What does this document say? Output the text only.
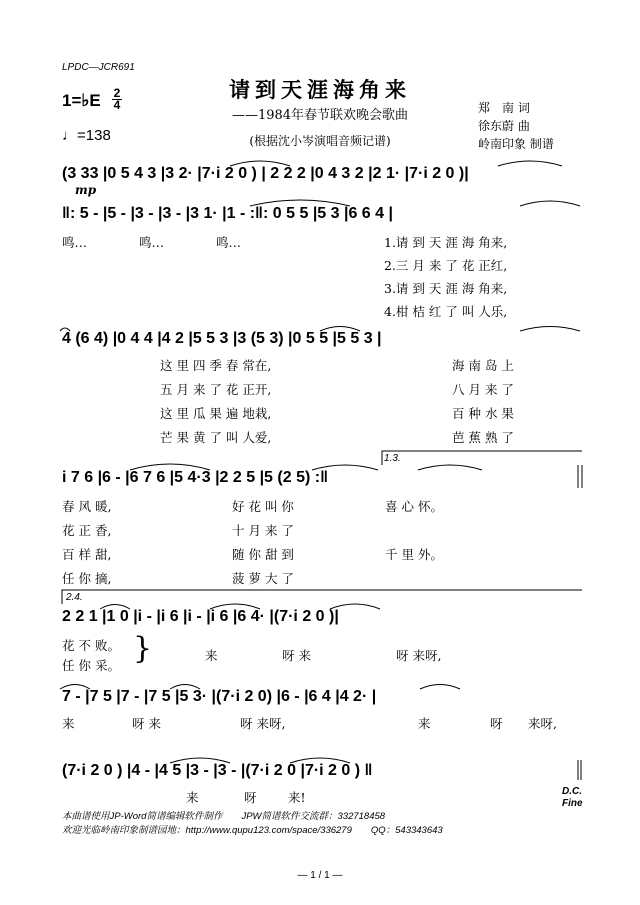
LPDC—JCR691
请到天涯海角来
——1984年春节联欢晚会歌曲
(根据沈小岑演唱音频记谱)
1=♭E 2
4
♩=138
郑　南 词
徐东蔚 曲
岭南印象 制谱
mp
(3 33 |0 5 4 3 |3 2· |7·i 2 0 ) | 2 2 2 |0 4 3 2 |2 1· |7·i 2 0 )|
‖: 5 - |5 - |3 - |3 - |3 1· |1 - :‖: 0 5 5 |5 3 |6 6 4 |
鸣…	鸣…	鸣…	1.请 到 天 涯 海 角来,
2.三 月 来 了 花 正红,
3.请 到 天 涯 海 角来,
4.柑 桔 红 了 叫 人乐,
4 (6 4) |0 4 4 |4 2 |5 5 3 |3 (5 3) |0 5 5 |5 5 3 |
这 里 四 季 春 常在,	海 南 岛 上
五 月 来 了 花 正开,	八 月 来 了
这 里 瓜 果 遍 地栽,	百 种 水 果
芒 果 黄 了 叫 人爱,	芭 蕉 熟 了
1.3.
i 7 6 |6 - |6 7 6 |5 4·3 |2 2 5 |5 (2 5) :‖
春 风 暖,	好 花 叫 你	喜 心 怀。
花 正 香,	十 月 来 了
百 样 甜,	随 你 甜 到	千 里 外。
任 你 摘,	菠 萝 大 了
2.4.
2 2 1 |1 0 |i - |i 6 |i - |i 6 |6 4· |(7·i 2 0 )|
花 不 败。
任 你 采。 }	来	呀 来	呀 来呀,
7 - |7 5 |7 - |7 5 |5 3· |(7·i 2 0) |6 - |6 4 |4 2· |
来	呀 来	呀 来呀,	来	呀	来呀,
(7·i 2 0 ) |4 - |4 5 |3 - |3 - |(7·i 2 0 |7·i 2 0 ) ‖
来	呀	来!	D.C.
Fine
本曲谱使用JP-Word简谱编辑软件制作　　JPW简谱软件交流群：332718458
欢迎光临岭南印象制谱园地：http://www.qupu123.com/space/336279　　QQ：543343643
— 1 / 1 —
